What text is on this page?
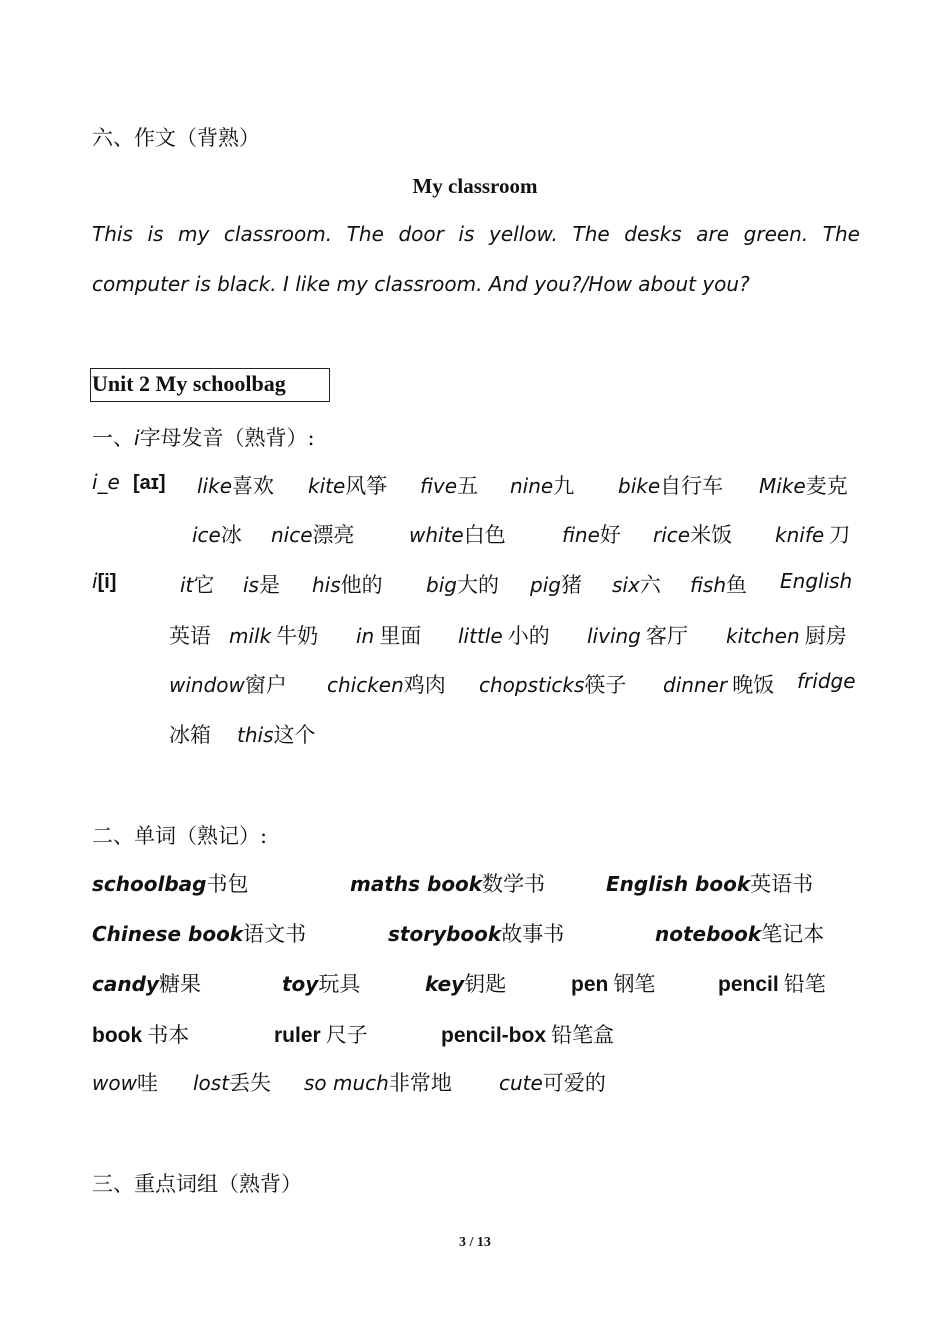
六、作文（背熟）
My classroom
This is my classroom. The door is yellow. The desks are green. The
computer is black. I like my classroom. And you?/How about you?
Unit 2 My schoolbag
一、i字母发音（熟背）:
i_e [aɪ] like喜欢 kite风筝 five五 nine九 bike自行车 Mike麦克
ice冰 nice漂亮	white白色	fine好 rice米饭 knife 刀
i[i]	it它 is是 his他的 big大的 pig猪 six六 fish鱼 English
英语 milk 牛奶 in 里面 little 小的 living 客厅 kitchen 厨房
window窗户 chicken鸡肉 chopsticks筷子 dinner 晚饭 fridge
冰箱 this这个
二、单词（熟记）:
schoolbag书包	maths book数学书	English book英语书
Chinese book语文书	storybook故事书	notebook笔记本
candy糖果	toy玩具	key钥匙	pen 钢笔	pencil 铅笔
book 书本	ruler 尺子	pencil-box 铅笔盒
wow哇 lost丢失 so much非常地 cute可爱的
三、重点词组（熟背）
3 / 13
